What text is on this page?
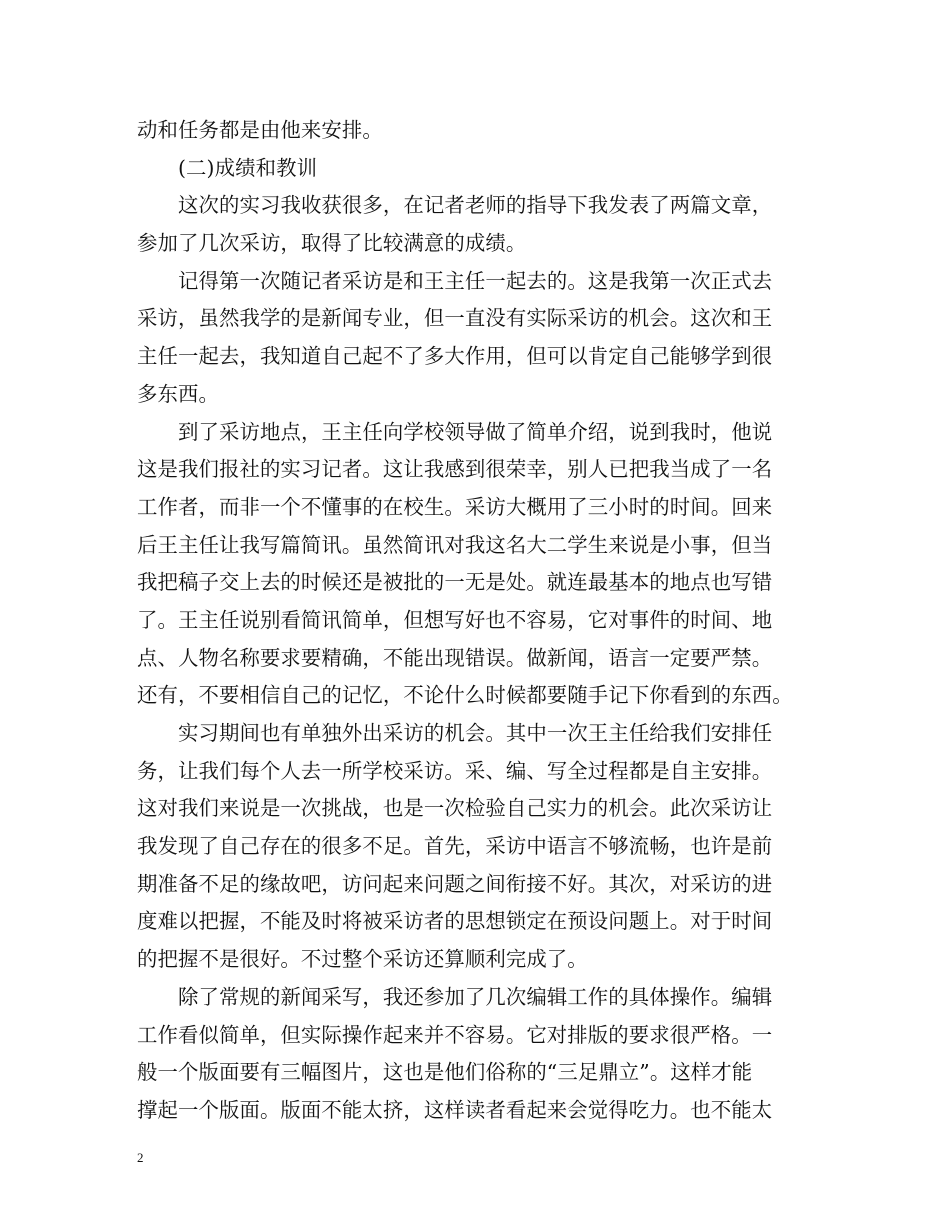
动和任务都是由他来安排。
(二)成绩和教训
这次的实习我收获很多，在记者老师的指导下我发表了两篇文章，
参加了几次采访，取得了比较满意的成绩。
记得第一次随记者采访是和王主任一起去的。这是我第一次正式去
采访，虽然我学的是新闻专业，但一直没有实际采访的机会。这次和王
主任一起去，我知道自己起不了多大作用，但可以肯定自己能够学到很
多东西。
到了采访地点，王主任向学校领导做了简单介绍，说到我时，他说
这是我们报社的实习记者。这让我感到很荣幸，别人已把我当成了一名
工作者，而非一个不懂事的在校生。采访大概用了三小时的时间。回来
后王主任让我写篇简讯。虽然简讯对我这名大二学生来说是小事，但当
我把稿子交上去的时候还是被批的一无是处。就连最基本的地点也写错
了。王主任说别看简讯简单，但想写好也不容易，它对事件的时间、地
点、人物名称要求要精确，不能出现错误。做新闻，语言一定要严禁。
还有，不要相信自己的记忆，不论什么时候都要随手记下你看到的东西。
实习期间也有单独外出采访的机会。其中一次王主任给我们安排任
务，让我们每个人去一所学校采访。采、编、写全过程都是自主安排。
这对我们来说是一次挑战，也是一次检验自己实力的机会。此次采访让
我发现了自己存在的很多不足。首先，采访中语言不够流畅，也许是前
期准备不足的缘故吧，访问起来问题之间衔接不好。其次，对采访的进
度难以把握，不能及时将被采访者的思想锁定在预设问题上。对于时间
的把握不是很好。不过整个采访还算顺利完成了。
除了常规的新闻采写，我还参加了几次编辑工作的具体操作。编辑
工作看似简单，但实际操作起来并不容易。它对排版的要求很严格。一
般一个版面要有三幅图片，这也是他们俗称的“三足鼎立”。这样才能
撑起一个版面。版面不能太挤，这样读者看起来会觉得吃力。也不能太
2
